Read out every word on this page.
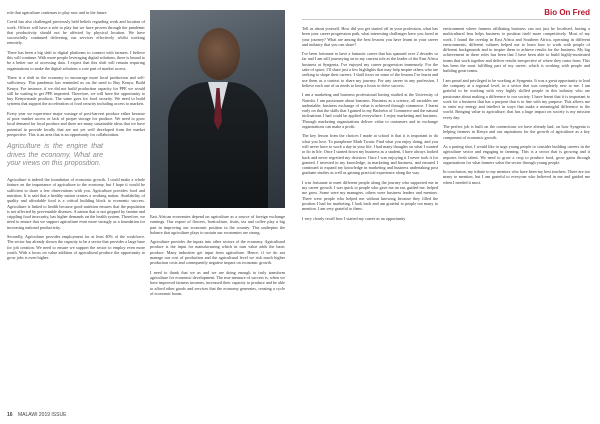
Bio On Fred

role that agriculture continues to play now and in the future.

Covid has also challenged previously held beliefs regarding work and location of work. Offices will have a role to play but we have proven through the pandemic that productivity should not be affected by physical location. We have successfully continued delivering our services effectively whilst working remotely.

There has been a big shift to digital platforms to connect with farmers. I believe this will continue. With more people leveraging digital solutions, there is bound to be a better use of accessing data. I expect that this shift will remain requiring organisations to make the digital solutions a core part of market access.

There is a shift in the economy to encourage more local production and self-sufficiency. This pandemic has reminded us on the need to Buy Kenya, Build Kenya. For instance, if we did not build production capacity for PPE we would still be waiting to get PPE imported. Therefore, we will have the opportunity to buy Kenya-made products. The same goes for food security. We need to build systems that support the acceleration of food security including access to markets.

Every year we experience major wastage of post-harvest produce either because of poor market access or lack of proper storage for produce. We need to grow local demand for local produce and there are many sustainable ideas that we have potential to provide locally that are not yet well developed from the market perspective. This is an area that is an opportunity for collaboration.

Agriculture is the engine that drives the economy. What are your views on this proposition.

Agriculture is indeed the foundation of economic growth. I could make a whole feature on the importance of agriculture to the economy, but I hope it would be sufficient to share a few observations with you. Agriculture provides food and nutrition. It is said that a healthy nation creates a working nation. Availability of quality and affordable food is a critical building block to economic success. Agriculture is linked to health because good nutrition ensures that the population is not affected by preventable diseases. A nation that is not gripped by famine and crippling food insecurity, has higher demands on the health system. Therefore, we need to ensure that we support agriculture even more strongly as a foundation for increasing national productivity.

Secondly, Agriculture provides employment for at least 40% of the workforce. The sector has already shown the capacity to be a sector that provides a large base for job creation. We need to ensure we support the sector to employ even more youth. With a focus on value addition of agricultural produce the opportunity to grow jobs is even higher.

East African economies depend on agriculture as a source of foreign exchange earnings. Our export of flowers, horticulture, fruits, tea and coffee play a big part in improving our economic position in the country. This underpins the balance that agriculture plays to sustain our economies are strong.

Agriculture provides the inputs into other sectors of the economy. Agricultural produce is the input for manufacturing which in turn value adds the basic produce. Many industries get input from agriculture. Hence, if we do not manage our cost of production and the agricultural level we risk much higher production costs and consequently negative impact on economic growth.

I need to thank that we as and we are doing enough to truly transform agriculture for economic development. The true measure of success is, when we have improved farmers incomes, increased their capacity to produce and be able to afford other goods and services that the economy generates, creating a cycle of economic boom.

Tell us about yourself. How did you get started off in your profession, what has been your career progression path, what interesting challenges have you faced in your journey? What are among the best lessons you have learnt in your career and industry that you can share?

I've been fortunate to have a fantastic career that has spanned over 2 decades so far and I am still journeying on in my current role as the leader of the East Africa business at Syngenta. I've enjoyed my career progression immensely. For the sake of space, I'll share just a few highlights that may help inspire others who are seeking to shape their careers. I shall focus on some of the lessons I've learnt and use them as a context to share my journey. For any career in any profession, I believe each one of us needs to keep a focus to drive success.

I am a marketing and business professional having studied at the University of Nairobi. I am passionate about business. Business as a science, all variables are undeniable, business exchange of value is achieved through commerce. I learnt early on that the skills that I gained in my Bachelor of Commerce and the natural inclinations I had could be applied everywhere. I enjoy marketing and business. Through marketing organisations deliver value to customers and in exchange organisations can make a profit.

The key lesson from the choices I made at school is that it is important to do what you love. To paraphrase Mark Twain: Find what you enjoy doing, and you will never have to work a day in your life. I had many thoughts on what I wanted to do in life. Once I started down my business as a student, I have always looked back and never regretted my decision. Once I was enjoying it I never took it for granted. I invested in my knowledge, in marketing and business, and ensured I continued to expand my knowledge in marketing and business undertaking post graduate studies as well as gaining practical experience along the way.

I was fortunate to meet different people along the journey who supported me in my career growth. I was quick to people who gave me an ear, guided me, helped me grow. Some were my managers, others were business leaders and mentors. There were people who helped me without knowing because they filled the position I had for marketing. I look back and am grateful to people too many to mention. I am very grateful to them.

I very clearly recall how I started my career as an opportunity

environment where farmers affiliating business can not just be localised, having a multicultural lens helps business to position itself more competitively. Most of my work, I found the overlap in East Africa and Southern Africa, operating in different environments, different cultures helped me to learn how to work with people of different backgrounds and to inspire them to achieve results for the business. My big achievement in these roles has been that I have been able to build highly-motivated teams that work together and deliver results irrespective of where they come from. This has been the most fulfilling part of my career, which is working with people and building great teams.

I am proud and privileged to be working at Syngenta. It was a great opportunity to lead the company at a regional level, in a sector that was completely new to me. I am grateful to be working with very highly skilled people in this industry who are passionate about making a difference to our society. I have learnt that it is important to work for a business that has a purpose that is in line with my purpose. This allows me to enter my energy and intellect in ways that make a meaningful difference to the world. Bringing value to agriculture, that has a huge impact on society is my mission every day.

The perfect job is built on the connections we have already had, on how Syngenta is helping farmers in Kenya and our aspirations for the growth of agriculture as a key component of economic growth.

As a parting shot, I would like to urge young people to consider building careers in the agriculture sector and engaging in farming. This is a sector that is growing and it requires fresh talent. We need to grow a crop to produce food, grow gains through organisations for what farmers value the sector through young people.

In conclusion, my tribute to my mentors who have been my best teachers. There are too many to mention, but I am grateful to everyone who believed in me and guided me when I needed it most.

16 MALAWI 2019 ISSUE
